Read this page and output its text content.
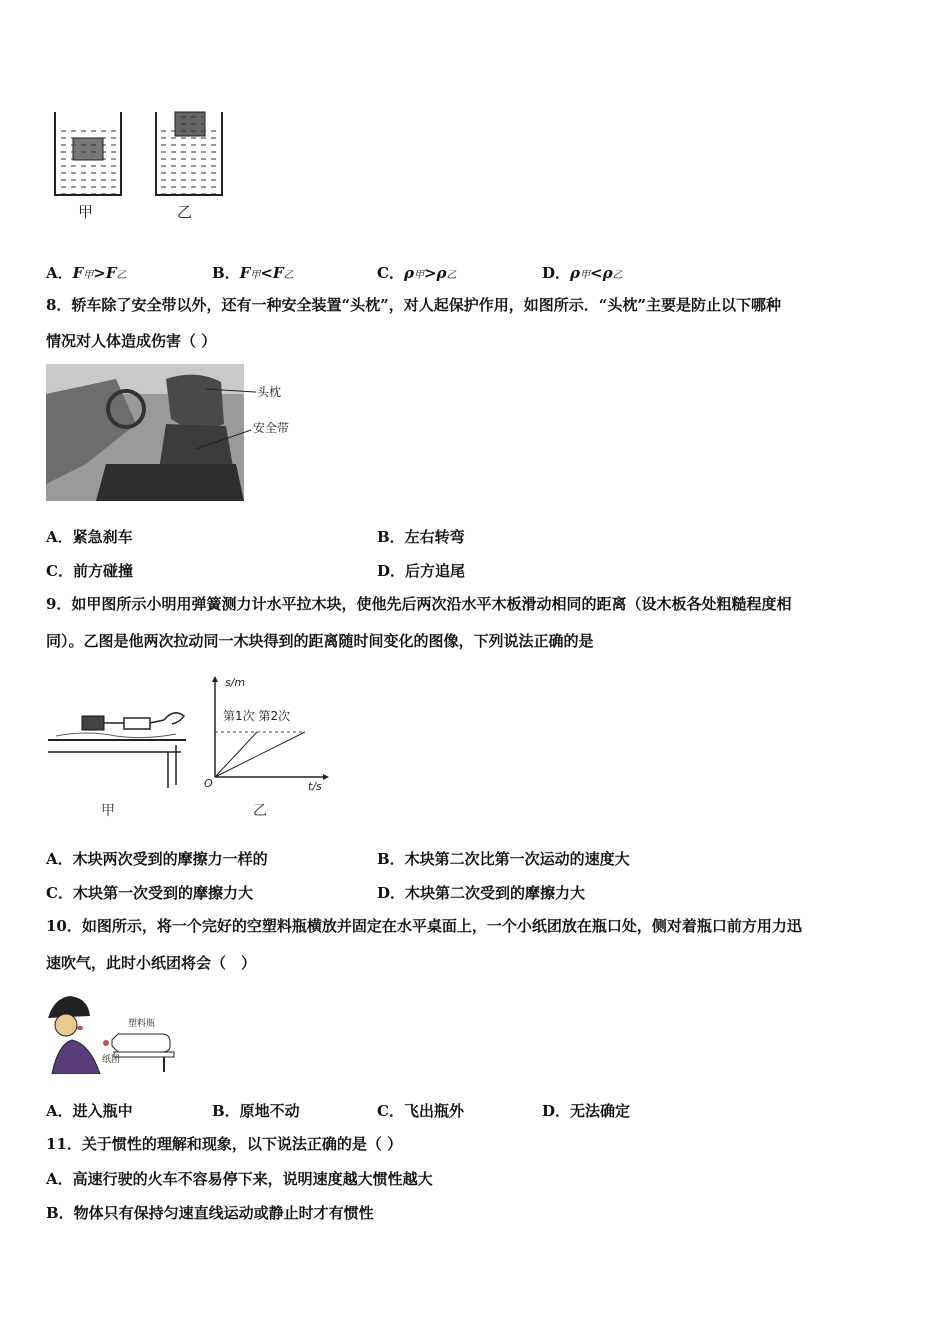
甲	乙
A．F甲>F乙	B．F甲<F乙	C．ρ甲>ρ乙	D．ρ甲<ρ乙
8．轿车除了安全带以外，还有一种安全装置“头枕”，对人起保护作用，如图所示．“头枕”主要是防止以下哪种
情况对人体造成伤害（ ）
头枕
安全带
A．紧急刹车	B．左右转弯
C．前方碰撞	D．后方追尾
9．如甲图所示小明用弹簧测力计水平拉木块，使他先后两次沿水平木板滑动相同的距离（设木板各处粗糙程度相
同）。乙图是他两次拉动同一木块得到的距离随时间变化的图像，下列说法正确的是
甲
s/m
t/s
O
第1次 第2次
乙
A．木块两次受到的摩擦力一样的	B．木块第二次比第一次运动的速度大
C．木块第一次受到的摩擦力大	D．木块第二次受到的摩擦力大
10．如图所示，将一个完好的空塑料瓶横放并固定在水平桌面上，一个小纸团放在瓶口处，侧对着瓶口前方用力迅
速吹气，此时小纸团将会（　）
塑料瓶
纸团
A．进入瓶中	B．原地不动	C．飞出瓶外	D．无法确定
11．关于惯性的理解和现象，以下说法正确的是（ ）
A．高速行驶的火车不容易停下来，说明速度越大惯性越大
B．物体只有保持匀速直线运动或静止时才有惯性
